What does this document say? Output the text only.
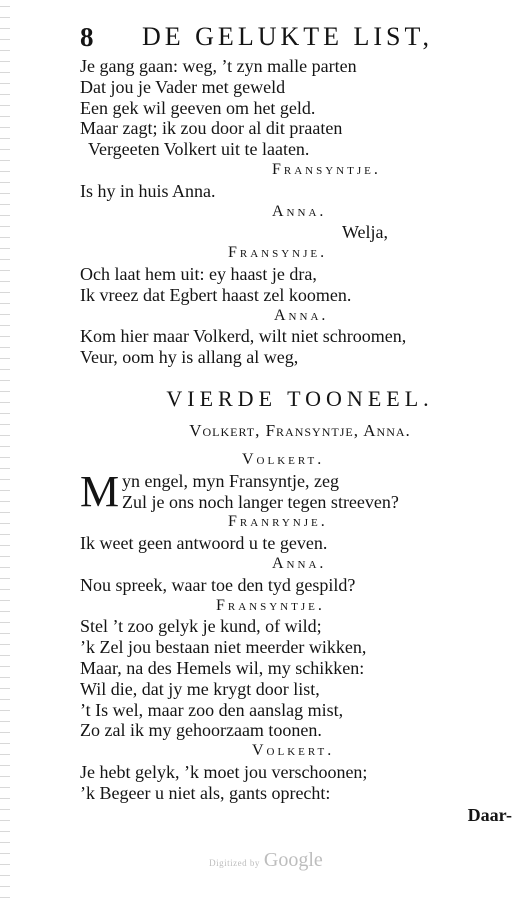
8 DE GELUKTE LIST,
Je gang gaan: weg, ’t zyn malle parten
Dat jou je Vader met geweld
Een gek wil geeven om het geld.
Maar zagt; ik zou door al dit praaten
Vergeeten Volkert uit te laaten.
Fransyntje.
Is hy in huis Anna.
Anna.
Welja,
Fransynje.
Och laat hem uit: ey haast je dra,
Ik vreez dat Egbert haast zel koomen.
Anna.
Kom hier maar Volkerd, wilt niet schroomen,
Veur, oom hy is allang al weg,
VIERDE TOONEEL.
Volkert, Fransyntje, Anna.
Volkert.
M yn engel, myn Fransyntje, zeg
Zul je ons noch langer tegen streeven?
Franrynje.
Ik weet geen antwoord u te geven.
Anna.
Nou spreek, waar toe den tyd gespild?
Fransyntje.
Stel ’t zoo gelyk je kund, of wild;
’k Zel jou bestaan niet meerder wikken,
Maar, na des Hemels wil, my schikken:
Wil die, dat jy me krygt door list,
’t Is wel, maar zoo den aanslag mist,
Zo zal ik my gehoorzaam toonen.
Volkert.
Je hebt gelyk, ’k moet jou verschoonen;
’k Begeer u niet als, gants oprecht:
Daar-
Digitized by Google
